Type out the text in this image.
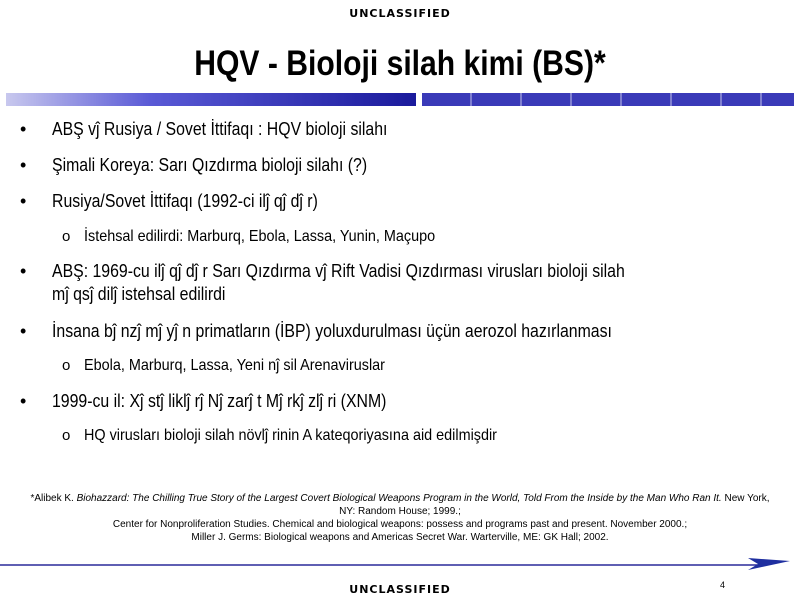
UNCLASSIFIED
HQV - Bioloji silah kimi (BS)*
• ABŞ vĵ Rusiya / Sovet İttifaqı : HQV bioloji silahı
• Şimali Koreya: Sarı Qızdırma bioloji silahı (?)
• Rusiya/Sovet İttifaqı (1992-ci ilĵ qĵ dĵ r)
o İstehsal edilirdi: Marburq, Ebola, Lassa, Yunin, Maçupo
• ABŞ: 1969-cu ilĵ qĵ dĵ r Sarı Qızdırma vĵ Rift Vadisi Qızdırması virusları bioloji silah
mĵ qsĵ dilĵ istehsal edilirdi
• İnsana bĵ nzĵ mĵ yĵ n primatların (İBP) yoluxdurulması üçün aerozol hazırlanması
o Ebola, Marburq, Lassa, Yeni nĵ sil Arenaviruslar
• 1999-cu il: Xĵ stĵ liklĵ rĵ Nĵ zarĵ t Mĵ rkĵ zlĵ ri (XNM)
o HQ virusları bioloji silah növlĵ rinin A kateqoriyasına aid edilmişdir
*Alibek K. Biohazzard: The Chilling True Story of the Largest Covert Biological Weapons Program in the World, Told From the Inside by the Man Who Ran It. New York, NY: Random House; 1999.;
Center for Nonproliferation Studies. Chemical and biological weapons: possess and programs past and present. November 2000.;
Miller J. Germs: Biological weapons and Americas Secret War. Warterville, ME: GK Hall; 2002.
4
UNCLASSIFIED
